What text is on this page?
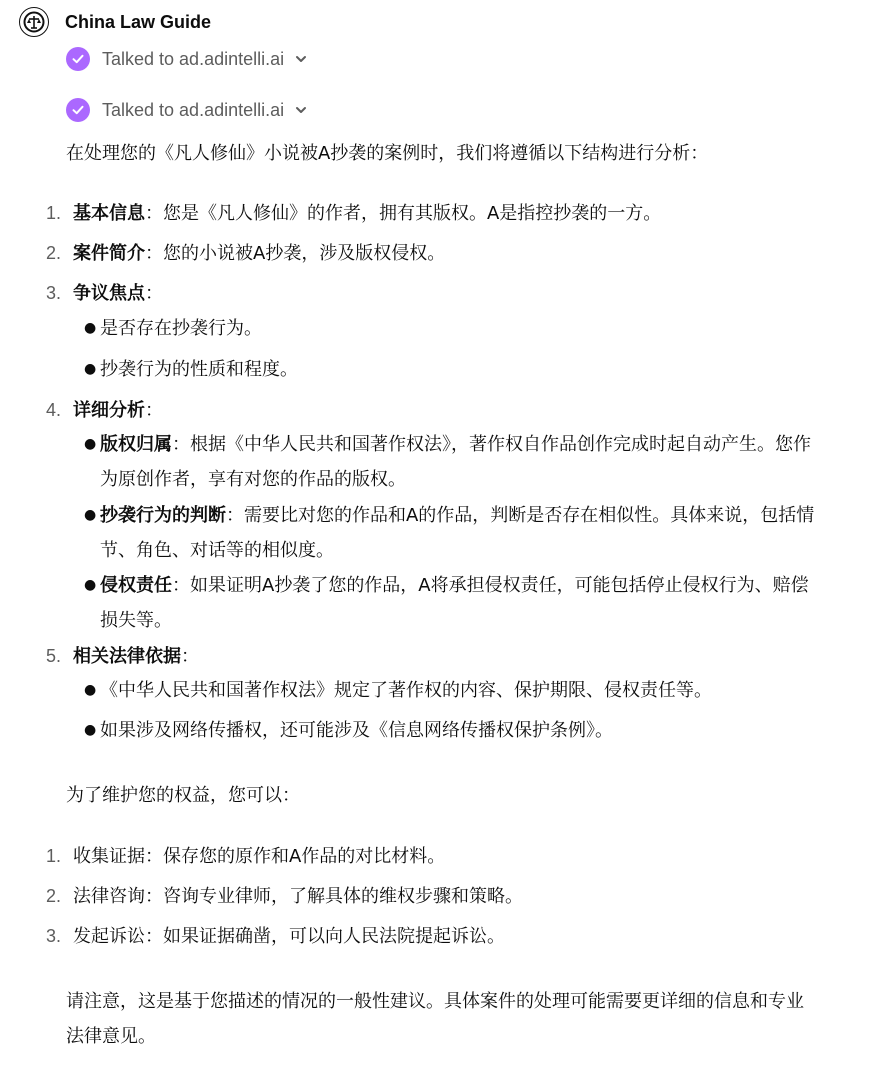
China Law Guide
Talked to ad.adintelli.ai
Talked to ad.adintelli.ai
在处理您的《凡人修仙》小说被A抄袭的案例时，我们将遵循以下结构进行分析：
1. 基本信息：您是《凡人修仙》的作者，拥有其版权。A是指控抄袭的一方。
2. 案件简介：您的小说被A抄袭，涉及版权侵权。
3. 争议焦点：
● 是否存在抄袭行为。
● 抄袭行为的性质和程度。
4. 详细分析：
● 版权归属：根据《中华人民共和国著作权法》，著作权自作品创作完成时起自动产生。您作为原创作者，享有对您的作品的版权。
● 抄袭行为的判断：需要比对您的作品和A的作品，判断是否存在相似性。具体来说，包括情节、角色、对话等的相似度。
● 侵权责任：如果证明A抄袭了您的作品，A将承担侵权责任，可能包括停止侵权行为、赔偿损失等。
5. 相关法律依据：
● 《中华人民共和国著作权法》规定了著作权的内容、保护期限、侵权责任等。
● 如果涉及网络传播权，还可能涉及《信息网络传播权保护条例》。
为了维护您的权益，您可以：
1. 收集证据：保存您的原作和A作品的对比材料。
2. 法律咨询：咨询专业律师，了解具体的维权步骤和策略。
3. 发起诉讼：如果证据确凿，可以向人民法院提起诉讼。
请注意，这是基于您描述的情况的一般性建议。具体案件的处理可能需要更详细的信息和专业法律意见。
